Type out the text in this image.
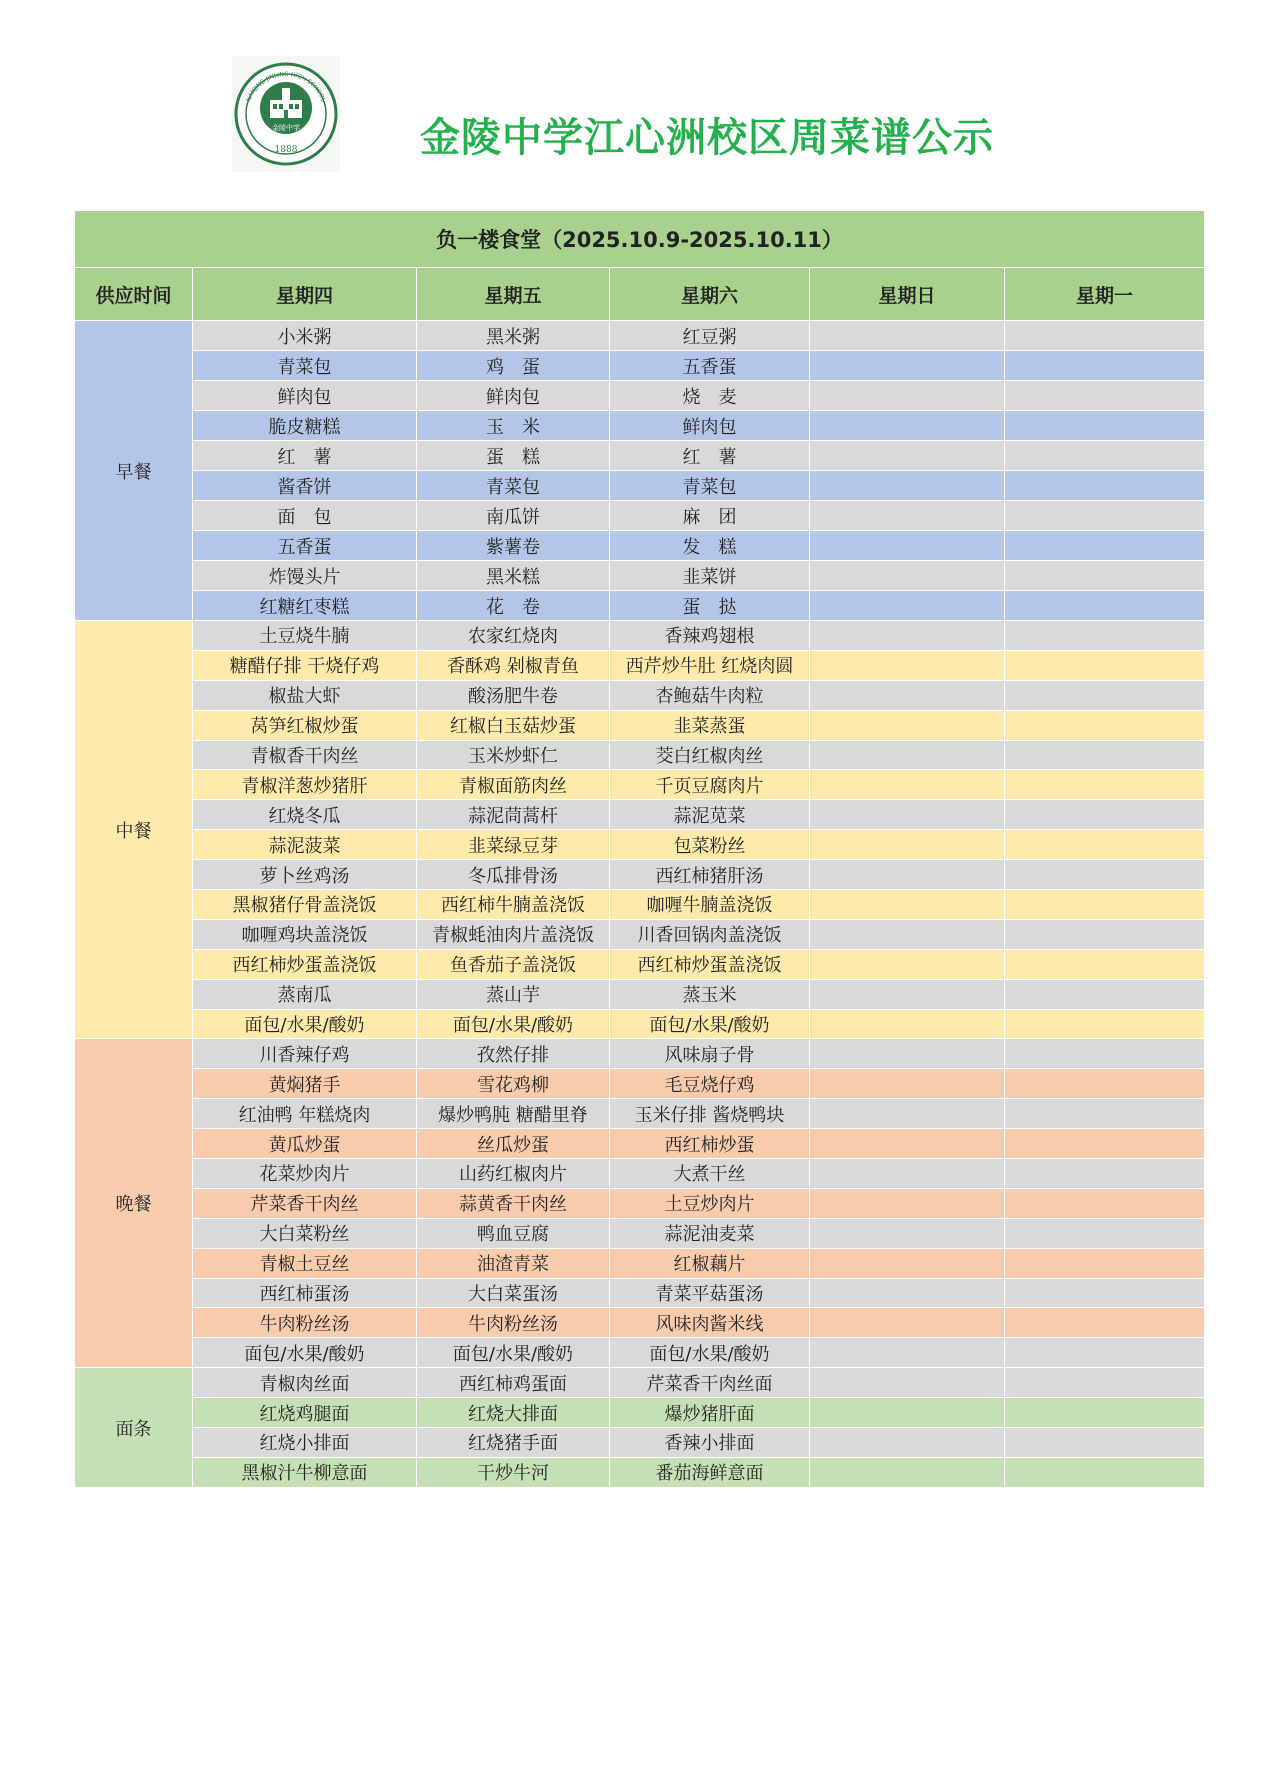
金陵中学
1888
NANJING JINLING HIGH SCHOOL
金陵中学江心洲校区周菜谱公示
负一楼食堂（2025.10.9-2025.10.11）					
供应时间	星期四	星期五	星期六	星期日	星期一
早餐	小米粥	黑米粥	红豆粥		
	青菜包	鸡　蛋	五香蛋		
	鲜肉包	鲜肉包	烧　麦		
	脆皮糖糕	玉　米	鲜肉包		
	红　薯	蛋　糕	红　薯		
	酱香饼	青菜包	青菜包		
	面　包	南瓜饼	麻　团		
	五香蛋	紫薯卷	发　糕		
	炸馒头片	黑米糕	韭菜饼		
	红糖红枣糕	花　卷	蛋　挞		
中餐	土豆烧牛腩	农家红烧肉	香辣鸡翅根		
	糖醋仔排 干烧仔鸡	香酥鸡 剁椒青鱼	西芹炒牛肚 红烧肉圆		
	椒盐大虾	酸汤肥牛卷	杏鲍菇牛肉粒		
	莴笋红椒炒蛋	红椒白玉菇炒蛋	韭菜蒸蛋		
	青椒香干肉丝	玉米炒虾仁	茭白红椒肉丝		
	青椒洋葱炒猪肝	青椒面筋肉丝	千页豆腐肉片		
	红烧冬瓜	蒜泥茼蒿杆	蒜泥苋菜		
	蒜泥菠菜	韭菜绿豆芽	包菜粉丝		
	萝卜丝鸡汤	冬瓜排骨汤	西红柿猪肝汤		
	黑椒猪仔骨盖浇饭	西红柿牛腩盖浇饭	咖喱牛腩盖浇饭		
	咖喱鸡块盖浇饭	青椒蚝油肉片盖浇饭	川香回锅肉盖浇饭		
	西红柿炒蛋盖浇饭	鱼香茄子盖浇饭	西红柿炒蛋盖浇饭		
	蒸南瓜	蒸山芋	蒸玉米		
	面包/水果/酸奶	面包/水果/酸奶	面包/水果/酸奶		
晚餐	川香辣仔鸡	孜然仔排	风味扇子骨		
	黄焖猪手	雪花鸡柳	毛豆烧仔鸡		
	红油鸭 年糕烧肉	爆炒鸭肫 糖醋里脊	玉米仔排 酱烧鸭块		
	黄瓜炒蛋	丝瓜炒蛋	西红柿炒蛋		
	花菜炒肉片	山药红椒肉片	大煮干丝		
	芹菜香干肉丝	蒜黄香干肉丝	土豆炒肉片		
	大白菜粉丝	鸭血豆腐	蒜泥油麦菜		
	青椒土豆丝	油渣青菜	红椒藕片		
	西红柿蛋汤	大白菜蛋汤	青菜平菇蛋汤		
	牛肉粉丝汤	牛肉粉丝汤	风味肉酱米线		
	面包/水果/酸奶	面包/水果/酸奶	面包/水果/酸奶		
面条	青椒肉丝面	西红柿鸡蛋面	芹菜香干肉丝面		
	红烧鸡腿面	红烧大排面	爆炒猪肝面		
	红烧小排面	红烧猪手面	香辣小排面		
	黑椒汁牛柳意面	干炒牛河	番茄海鲜意面		
